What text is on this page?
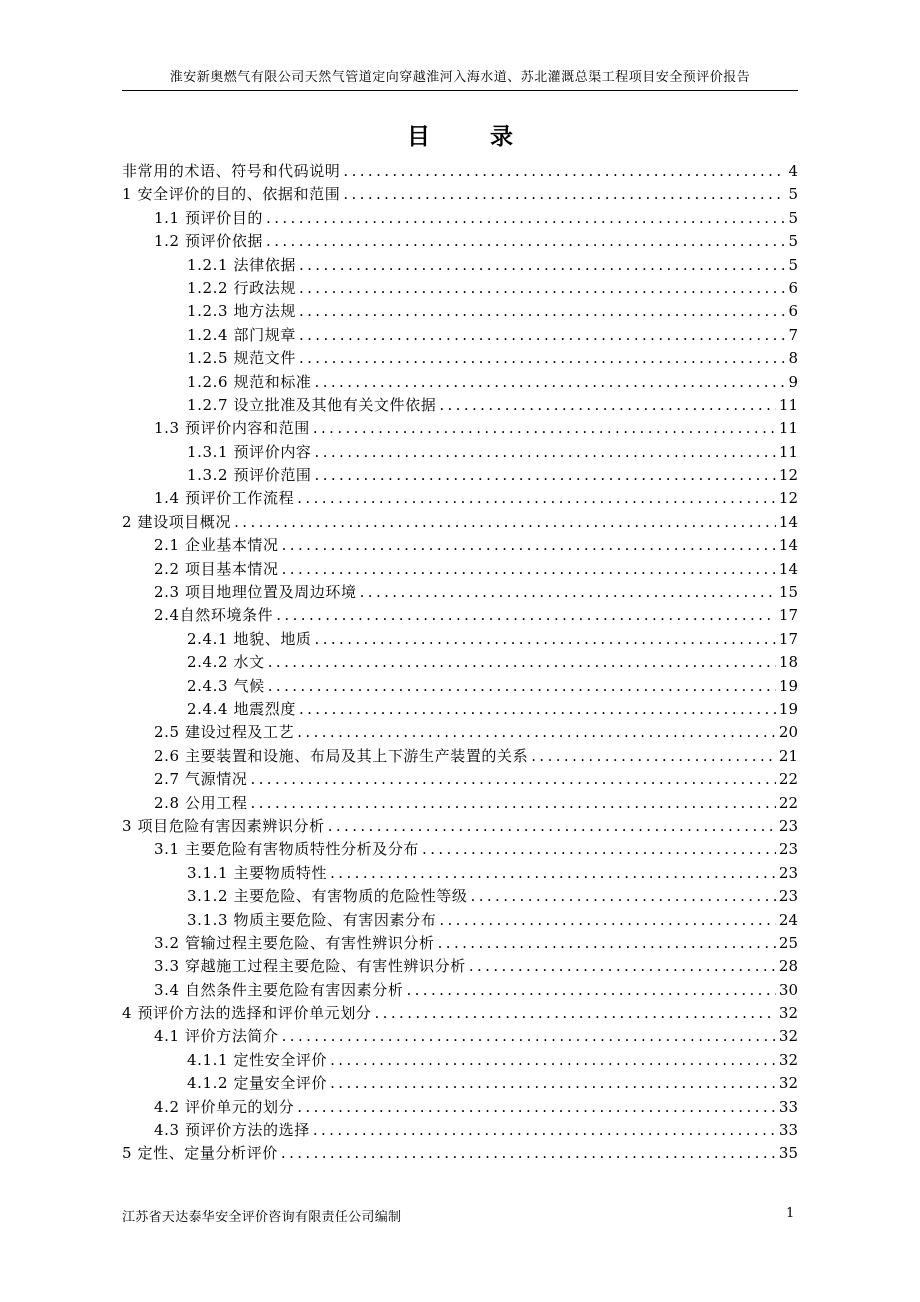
淮安新奥燃气有限公司天然气管道定向穿越淮河入海水道、苏北灌溉总渠工程项目安全预评价报告
目 录
非常用的术语、符号和代码说明 .....	4
1 安全评价的目的、依据和范围 .....	5
1.1 预评价目的 .....	5
1.2 预评价依据 .....	5
1.2.1 法律依据 .....	5
1.2.2 行政法规 .....	6
1.2.3 地方法规 .....	6
1.2.4 部门规章 .....	7
1.2.5 规范文件 .....	8
1.2.6 规范和标准 .....	9
1.2.7 设立批准及其他有关文件依据 .....	11
1.3 预评价内容和范围 .....	11
1.3.1 预评价内容 .....	11
1.3.2 预评价范围 .....	12
1.4 预评价工作流程 .....	12
2 建设项目概况 .....	14
2.1 企业基本情况 .....	14
2.2 项目基本情况 .....	14
2.3 项目地理位置及周边环境 .....	15
2.4自然环境条件 .....	17
2.4.1 地貌、地质 .....	17
2.4.2 水文 .....	18
2.4.3 气候 .....	19
2.4.4 地震烈度 .....	19
2.5 建设过程及工艺 .....	20
2.6 主要装置和设施、布局及其上下游生产装置的关系 .....	21
2.7 气源情况 .....	22
2.8 公用工程 .....	22
3 项目危险有害因素辨识分析 .....	23
3.1 主要危险有害物质特性分析及分布 .....	23
3.1.1 主要物质特性 .....	23
3.1.2 主要危险、有害物质的危险性等级 .....	23
3.1.3 物质主要危险、有害因素分布 .....	24
3.2 管输过程主要危险、有害性辨识分析 .....	25
3.3 穿越施工过程主要危险、有害性辨识分析 .....	28
3.4 自然条件主要危险有害因素分析 .....	30
4 预评价方法的选择和评价单元划分 .....	32
4.1 评价方法简介 .....	32
4.1.1 定性安全评价 .....	32
4.1.2 定量安全评价 .....	32
4.2 评价单元的划分 .....	33
4.3 预评价方法的选择 .....	33
5 定性、定量分析评价 .....	35
江苏省天达泰华安全评价咨询有限责任公司编制	1
